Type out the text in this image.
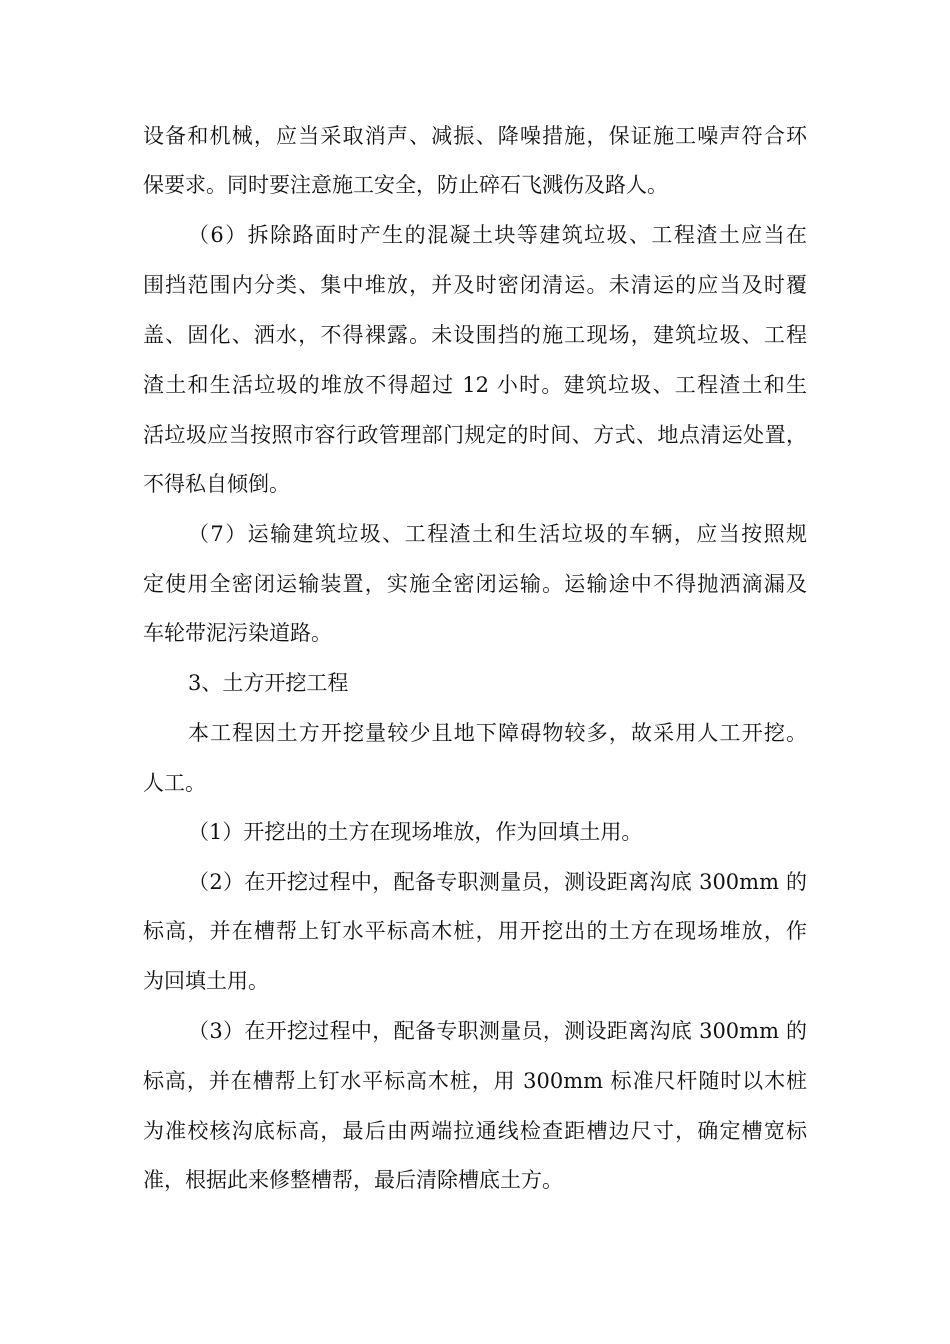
设备和机械，应当采取消声、减振、降噪措施，保证施工噪声符合环
保要求。同时要注意施工安全，防止碎石飞溅伤及路人。
（6）拆除路面时产生的混凝土块等建筑垃圾、工程渣土应当在
围挡范围内分类、集中堆放，并及时密闭清运。未清运的应当及时覆
盖、固化、洒水，不得裸露。未设围挡的施工现场，建筑垃圾、工程
渣土和生活垃圾的堆放不得超过 12 小时。建筑垃圾、工程渣土和生
活垃圾应当按照市容行政管理部门规定的时间、方式、地点清运处置，
不得私自倾倒。
（7）运输建筑垃圾、工程渣土和生活垃圾的车辆，应当按照规
定使用全密闭运输装置，实施全密闭运输。运输途中不得抛洒滴漏及
车轮带泥污染道路。
3、土方开挖工程
本工程因土方开挖量较少且地下障碍物较多，故采用人工开挖。
人工。
（1）开挖出的土方在现场堆放，作为回填土用。
（2）在开挖过程中，配备专职测量员，测设距离沟底 300mm 的
标高，并在槽帮上钉水平标高木桩，用开挖出的土方在现场堆放，作
为回填土用。
（3）在开挖过程中，配备专职测量员，测设距离沟底 300mm 的
标高，并在槽帮上钉水平标高木桩，用 300mm 标准尺杆随时以木桩
为准校核沟底标高，最后由两端拉通线检查距槽边尺寸，确定槽宽标
准，根据此来修整槽帮，最后清除槽底土方。
